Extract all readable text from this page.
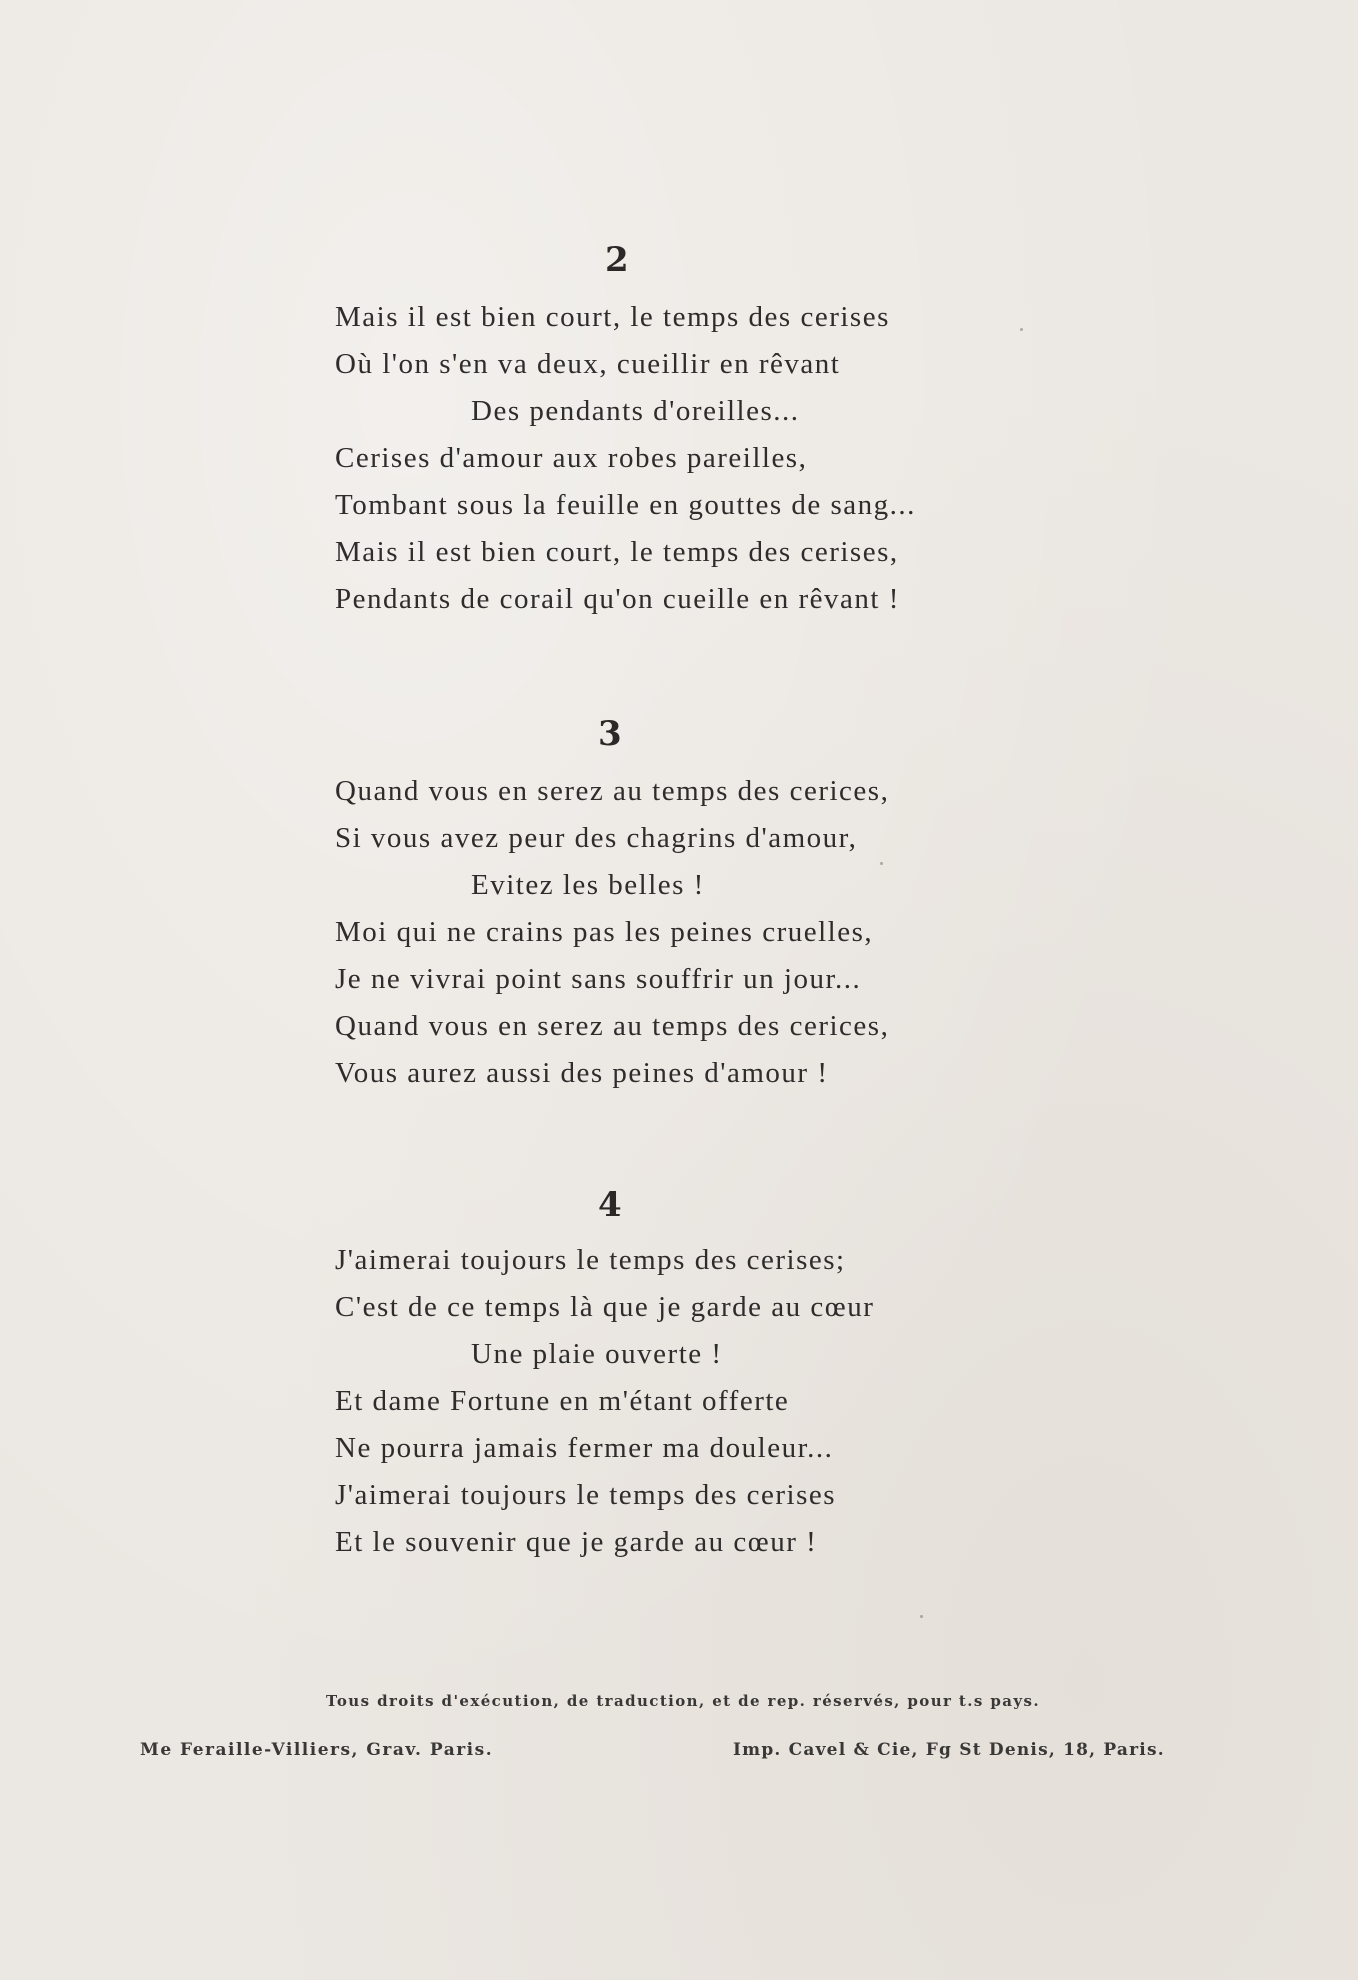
2
Mais il est bien court, le temps des cerises
Où l'on s'en va deux, cueillir en rêvant
Des pendants d'oreilles...
Cerises d'amour aux robes pareilles,
Tombant sous la feuille en gouttes de sang...
Mais il est bien court, le temps des cerises,
Pendants de corail qu'on cueille en rêvant !
3
Quand vous en serez au temps des cerices,
Si vous avez peur des chagrins d'amour,
Evitez les belles !
Moi qui ne crains pas les peines cruelles,
Je ne vivrai point sans souffrir un jour...
Quand vous en serez au temps des cerices,
Vous aurez aussi des peines d'amour !
4
J'aimerai toujours le temps des cerises;
C'est de ce temps là que je garde au cœur
Une plaie ouverte !
Et dame Fortune en m'étant offerte
Ne pourra jamais fermer ma douleur...
J'aimerai toujours le temps des cerises
Et le souvenir que je garde au cœur !
Tous droits d'exécution, de traduction, et de rep. réservés, pour t.s pays.
Me Feraille-Villiers, Grav. Paris.	Imp. Cavel & Cie, Fg St Denis, 18, Paris.
